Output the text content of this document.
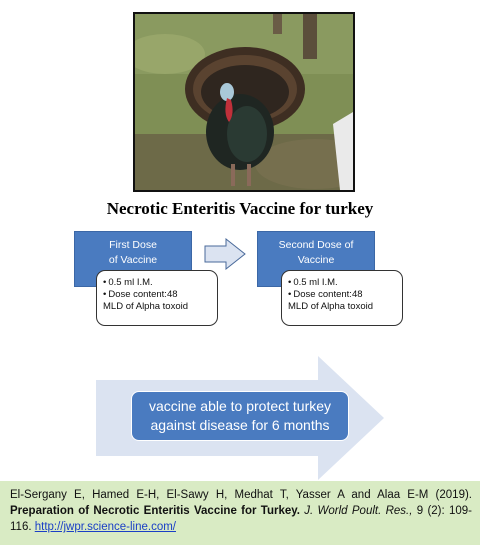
Necrotic Enteritis Vaccine for turkey
First Dose
of Vaccine
• 0.5 ml I.M.
• Dose content:48
MLD of Alpha toxoid
Second Dose of
Vaccine
• 0.5 ml I.M.
• Dose content:48
MLD of Alpha toxoid
vaccine able to protect turkey
against disease for 6 months
El-Sergany E, Hamed E-H, El-Sawy H, Medhat T, Yasser A and Alaa E-M (2019). Preparation of Necrotic Enteritis Vaccine for Turkey. J. World Poult. Res., 9 (2): 109-116. http://jwpr.science-line.com/
